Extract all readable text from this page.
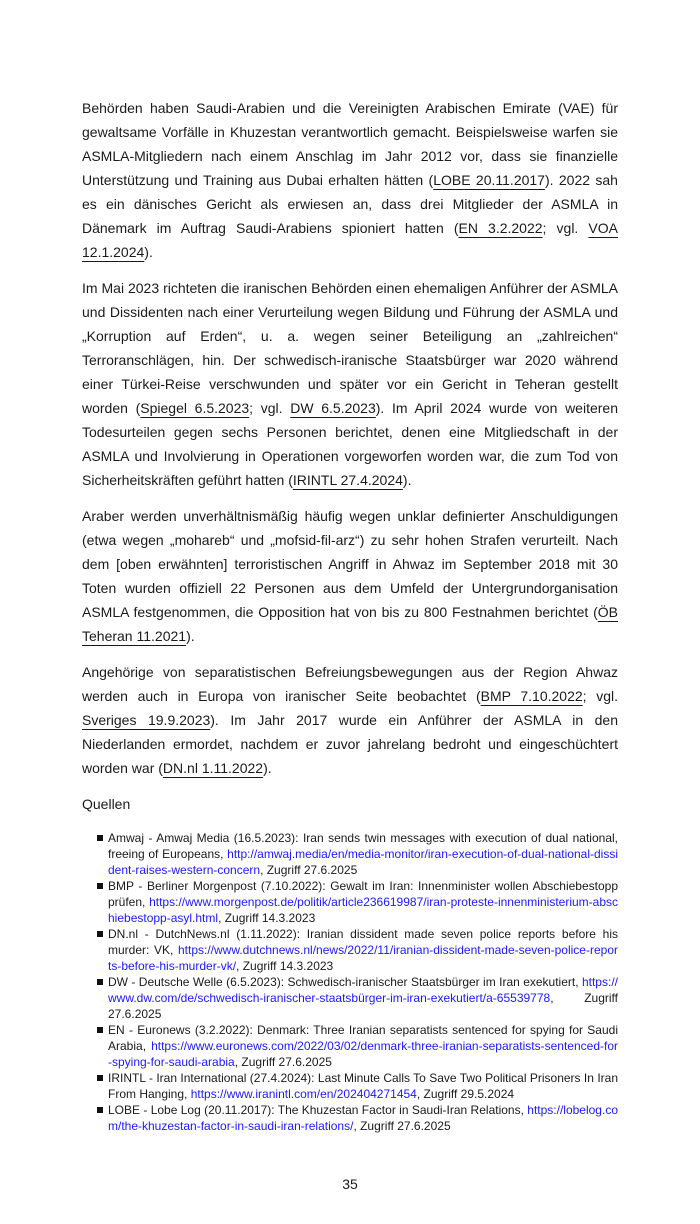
Behörden haben Saudi-Arabien und die Vereinigten Arabischen Emirate (VAE) für gewaltsame Vorfälle in Khuzestan verantwortlich gemacht. Beispielsweise warfen sie ASMLA-Mitgliedern nach einem Anschlag im Jahr 2012 vor, dass sie finanzielle Unterstützung und Training aus Dubai erhalten hätten (LOBE 20.11.2017). 2022 sah es ein dänisches Gericht als erwiesen an, dass drei Mitglieder der ASMLA in Dänemark im Auftrag Saudi-Arabiens spioniert hatten (EN 3.2.2022; vgl. VOA 12.1.2024).

Im Mai 2023 richteten die iranischen Behörden einen ehemaligen Anführer der ASMLA und Dissidenten nach einer Verurteilung wegen Bildung und Führung der ASMLA und „Korruption auf Erden“, u. a. wegen seiner Beteiligung an „zahlreichen“ Terroranschlägen, hin. Der schwedisch-iranische Staatsbürger war 2020 während einer Türkei-Reise verschwunden und später vor ein Gericht in Teheran gestellt worden (Spiegel 6.5.2023; vgl. DW 6.5.2023). Im April 2024 wurde von weiteren Todesurteilen gegen sechs Personen berichtet, denen eine Mitgliedschaft in der ASMLA und Involvierung in Operationen vorgeworfen worden war, die zum Tod von Sicherheitskräften geführt hatten (IRINTL 27.4.2024).

Araber werden unverhältnismäßig häufig wegen unklar definierter Anschuldigungen (etwa wegen „mohareb“ und „mofsid-fil-arz“) zu sehr hohen Strafen verurteilt. Nach dem [oben erwähnten] terroristischen Angriff in Ahwaz im September 2018 mit 30 Toten wurden offiziell 22 Personen aus dem Umfeld der Untergrundorganisation ASMLA festgenommen, die Opposition hat von bis zu 800 Festnahmen berichtet (ÖB Teheran 11.2021).

Angehörige von separatistischen Befreiungsbewegungen aus der Region Ahwaz werden auch in Europa von iranischer Seite beobachtet (BMP 7.10.2022; vgl. Sveriges 19.9.2023). Im Jahr 2017 wurde ein Anführer der ASMLA in den Niederlanden ermordet, nachdem er zuvor jahrelang bedroht und eingeschüchtert worden war (DN.nl 1.11.2022).

Quellen

Amwaj - Amwaj Media (16.5.2023): Iran sends twin messages with execution of dual national, freeing of Europeans, http://amwaj.media/en/media-monitor/iran-execution-of-dual-national-dissident-raises-western-concern, Zugriff 27.6.2025
BMP - Berliner Morgenpost (7.10.2022): Gewalt im Iran: Innenminister wollen Abschiebestopp prüfen, https://www.morgenpost.de/politik/article236619987/iran-proteste-innenministerium-abschiebestopp-asyl.html, Zugriff 14.3.2023
DN.nl - DutchNews.nl (1.11.2022): Iranian dissident made seven police reports before his murder: VK, https://www.dutchnews.nl/news/2022/11/iranian-dissident-made-seven-police-reports-before-his-murder-vk/, Zugriff 14.3.2023
DW - Deutsche Welle (6.5.2023): Schwedisch-iranischer Staatsbürger im Iran exekutiert, https://www.dw.com/de/schwedisch-iranischer-staatsbürger-im-iran-exekutiert/a-65539778, Zugriff 27.6.2025
EN - Euronews (3.2.2022): Denmark: Three Iranian separatists sentenced for spying for Saudi Arabia, https://www.euronews.com/2022/03/02/denmark-three-iranian-separatists-sentenced-for-spying-for-saudi-arabia, Zugriff 27.6.2025
IRINTL - Iran International (27.4.2024): Last Minute Calls To Save Two Political Prisoners In Iran From Hanging, https://www.iranintl.com/en/202404271454, Zugriff 29.5.2024
LOBE - Lobe Log (20.11.2017): The Khuzestan Factor in Saudi-Iran Relations, https://lobelog.com/the-khuzestan-factor-in-saudi-iran-relations/, Zugriff 27.6.2025
35
